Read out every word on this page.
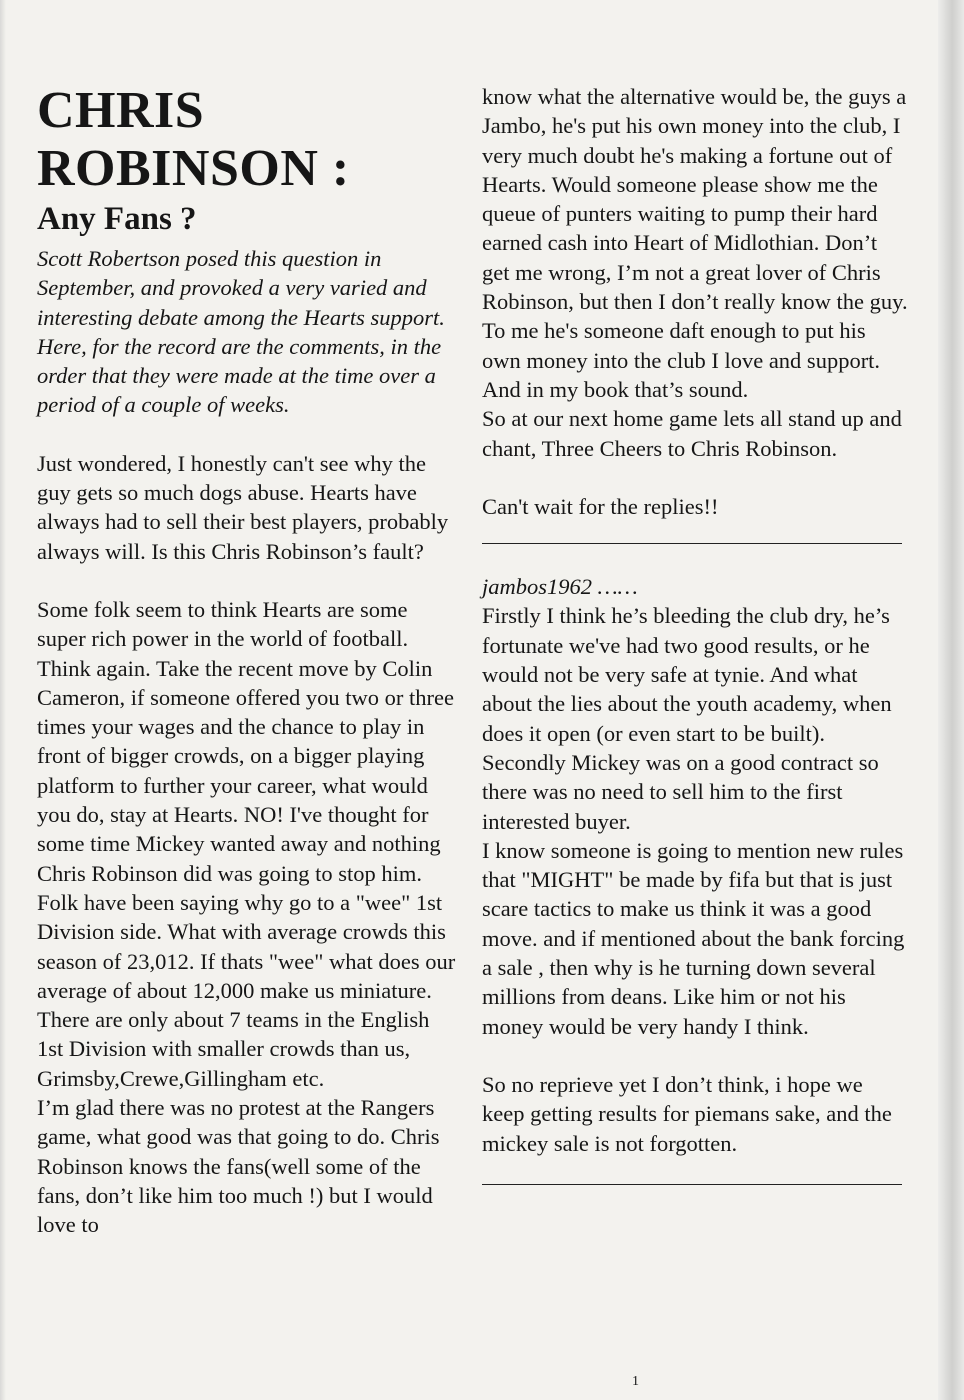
CHRIS
ROBINSON :
Any Fans ?

Scott Robertson posed this question in September, and provoked a very varied and interesting debate among the Hearts support. Here, for the record are the comments, in the order that they were made at the time over a period of a couple of weeks.

Just wondered, I honestly can't see why the guy gets so much dogs abuse. Hearts have always had to sell their best players, probably always will. Is this Chris Robinson’s fault?

Some folk seem to think Hearts are some super rich power in the world of football. Think again. Take the recent move by Colin Cameron, if someone offered you two or three times your wages and the chance to play in front of bigger crowds, on a bigger playing platform to further your career, what would you do, stay at Hearts. NO! I've thought for some time Mickey wanted away and nothing Chris Robinson did was going to stop him. Folk have been saying why go to a "wee" 1st Division side. What with average crowds this season of 23,012. If thats "wee" what does our average of about 12,000 make us miniature. There are only about 7 teams in the English 1st Division with smaller crowds than us, Grimsby,Crewe,Gillingham etc.

I’m glad there was no protest at the Rangers game, what good was that going to do. Chris Robinson knows the fans(well some of the fans, don’t like him too much !) but I would love to

know what the alternative would be, the guys a Jambo, he's put his own money into the club, I very much doubt he's making a fortune out of Hearts. Would someone please show me the queue of punters waiting to pump their hard earned cash into Heart of Midlothian. Don’t get me wrong, I’m not a great lover of Chris Robinson, but then I don’t really know the guy. To me he's someone daft enough to put his own money into the club I love and support. And in my book that’s sound.

So at our next home game lets all stand up and chant, Three Cheers to Chris Robinson.

Can't wait for the replies!!

jambos1962 ……

Firstly I think he’s bleeding the club dry, he’s fortunate we've had two good results, or he would not be very safe at tynie. And what about the lies about the youth academy, when does it open (or even start to be built). Secondly Mickey was on a good contract so there was no need to sell him to the first interested buyer.

I know someone is going to mention new rules that "MIGHT" be made by fifa but that is just scare tactics to make us think it was a good move. and if mentioned about the bank forcing a sale , then why is he turning down several millions from deans. Like him or not his money would be very handy I think.

So no reprieve yet I don’t think, i hope we keep getting results for piemans sake, and the mickey sale is not forgotten.

1
